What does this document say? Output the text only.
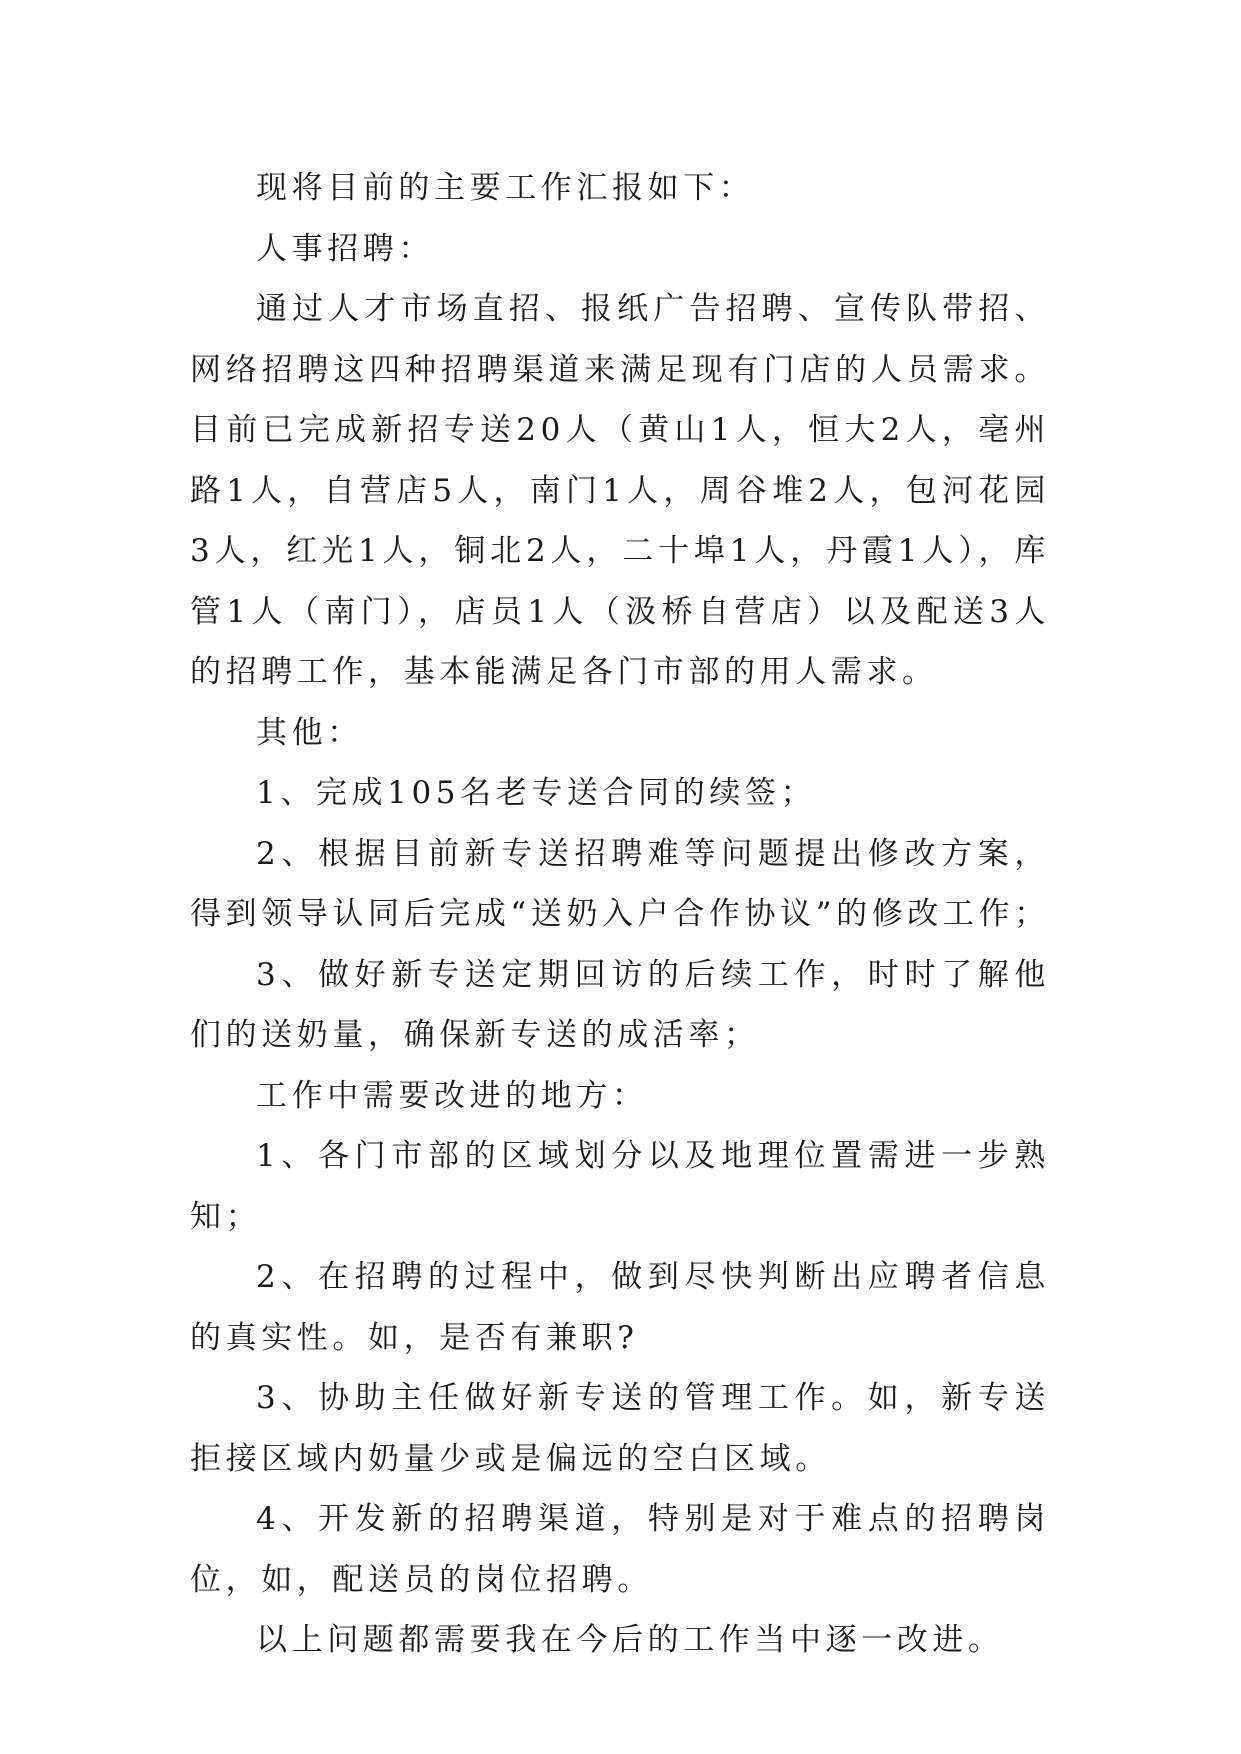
现将目前的主要工作汇报如下：

人事招聘：

通过人才市场直招、报纸广告招聘、宣传队带招、网络招聘这四种招聘渠道来满足现有门店的人员需求。目前已完成新招专送20人（黄山1人，恒大2人，亳州路1人，自营店5人，南门1人，周谷堆2人，包河花园3人，红光1人，铜北2人，二十埠1人，丹霞1人），库管1人（南门），店员1人（汲桥自营店）以及配送3人的招聘工作，基本能满足各门市部的用人需求。

其他：

1、完成105名老专送合同的续签；

2、根据目前新专送招聘难等问题提出修改方案，得到领导认同后完成“送奶入户合作协议”的修改工作；

3、做好新专送定期回访的后续工作，时时了解他们的送奶量，确保新专送的成活率；

工作中需要改进的地方：

1、各门市部的区域划分以及地理位置需进一步熟知；

2、在招聘的过程中，做到尽快判断出应聘者信息的真实性。如，是否有兼职?

3、协助主任做好新专送的管理工作。如，新专送拒接区域内奶量少或是偏远的空白区域。

4、开发新的招聘渠道，特别是对于难点的招聘岗位，如，配送员的岗位招聘。

以上问题都需要我在今后的工作当中逐一改进。
